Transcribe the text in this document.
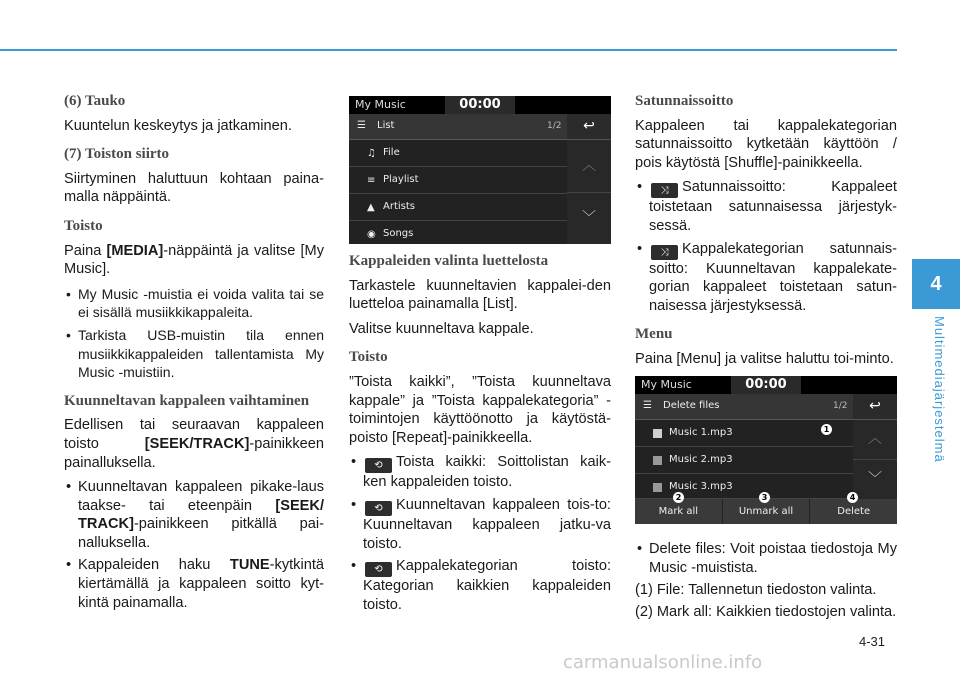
(6) Tauko

Kuuntelun keskeytys ja jatkaminen.

(7) Toiston siirto

Siirtyminen haluttuun kohtaan paina-malla näppäintä.

Toisto

Paina [MEDIA]-näppäintä ja valitse [My Music].

• My Music -muistia ei voida valita tai se ei sisällä musiikkikappaleita.
• Tarkista USB-muistin tila ennen musiikkikappaleiden tallentamista My Music -muistiin.
Kuunneltavan kappaleen vaihtaminen

Edellisen tai seuraavan kappaleen toisto [SEEK/TRACK]-painikkeen painalluksella.

• Kuunneltavan kappaleen pikake-laus taakse- tai eteenpäin [SEEK/ TRACK]-painikkeen pitkällä pai-nalluksella.
• Kappaleiden haku TUNE-kytkintä kiertämällä ja kappaleen soitto kyt-kintä painamalla.
My Music	00:00
☰ List	1/2	↩
♫ File
≡ Playlist
▲ Artists
◉ Songs
︿
﹀
Kappaleiden valinta luettelosta

Tarkastele kuunneltavien kappalei-den luetteloa painamalla [List].

Valitse kuunneltava kappale.

Toisto

”Toista kaikki”, ”Toista kuunneltava kappale” ja ”Toista kappalekategoria” -toimintojen käyttöönotto ja käytöstä-poisto [Repeat]-painikkeella.

• ⟲ Toista kaikki: Soittolistan kaik-ken kappaleiden toisto.
• ⟲ Kuunneltavan kappaleen tois-to: Kuunneltavan kappaleen jatku-va toisto.
• ⟲ Kappalekategorian toisto: Kategorian kaikkien kappaleiden toisto.
Satunnaissoitto

Kappaleen tai kappalekategorian satunnaissoitto kytketään käyttöön / pois käytöstä [Shuffle]-painikkeella.

• ⤨ Satunnaissoitto: Kappaleet toistetaan satunnaisessa järjestyk-sessä.
• ⤨ Kappalekategorian satunnais-soitto: Kuunneltavan kappalekate-gorian kappaleet toistetaan satun-naisessa järjestyksessä.
Menu

Paina [Menu] ja valitse haluttu toi-minto.

My Music	00:00
☰ Delete files	1/2	↩
Music 1.mp3
Music 2.mp3
Music 3.mp3
︿
﹀
Mark all	Unmark all	Delete
1
2	3	4
• Delete files: Voit poistaa tiedostoja My Music -muistista.
(1) File: Tallennetun tiedoston valinta.
(2) Mark all: Kaikkien tiedostojen valinta.
4
Multimediajärjestelmä
4-31
carmanualsonline.info
